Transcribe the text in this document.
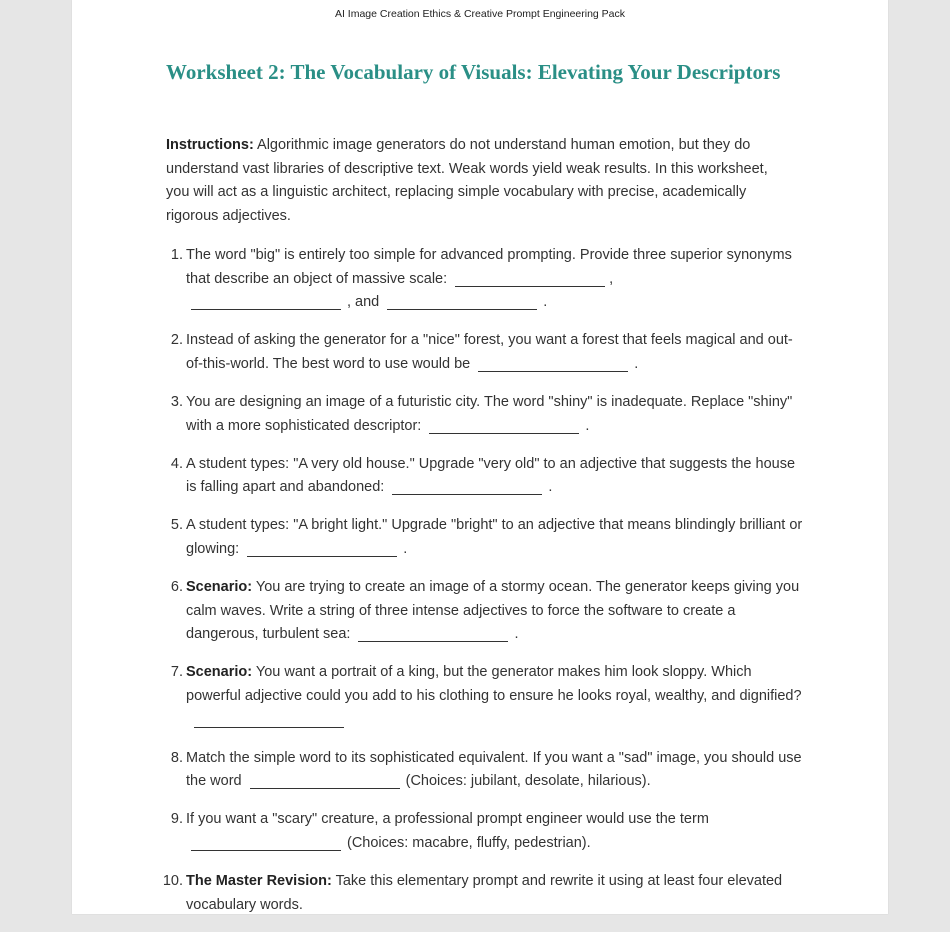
AI Image Creation Ethics & Creative Prompt Engineering Pack
Worksheet 2: The Vocabulary of Visuals: Elevating Your Descriptors

Instructions: Algorithmic image generators do not understand human emotion, but they do understand vast libraries of descriptive text. Weak words yield weak results. In this worksheet, you will act as a linguistic architect, replacing simple vocabulary with precise, academically rigorous adjectives.

1. The word "big" is entirely too simple for advanced prompting. Provide three superior synonyms that describe an object of massive scale:	,
, and	.
2. Instead of asking the generator for a "nice" forest, you want a forest that feels magical and out-of-this-world. The best word to use would be	.
3. You are designing an image of a futuristic city. The word "shiny" is inadequate. Replace "shiny" with a more sophisticated descriptor:	.
4. A student types: "A very old house." Upgrade "very old" to an adjective that suggests the house is falling apart and abandoned:	.
5. A student types: "A bright light." Upgrade "bright" to an adjective that means blindingly brilliant or glowing:	.
6. Scenario: You are trying to create an image of a stormy ocean. The generator keeps giving you calm waves. Write a string of three intense adjectives to force the software to create a dangerous, turbulent sea:	.
7. Scenario: You want a portrait of a king, but the generator makes him look sloppy. Which powerful adjective could you add to his clothing to ensure he looks royal, wealthy, and dignified?
8. Match the simple word to its sophisticated equivalent. If you want a "sad" image, you should use the word	(Choices: jubilant, desolate, hilarious).
9. If you want a "scary" creature, a professional prompt engineer would use the term
(Choices: macabre, fluffy, pedestrian).
10. The Master Revision: Take this elementary prompt and rewrite it using at least four elevated vocabulary words.
